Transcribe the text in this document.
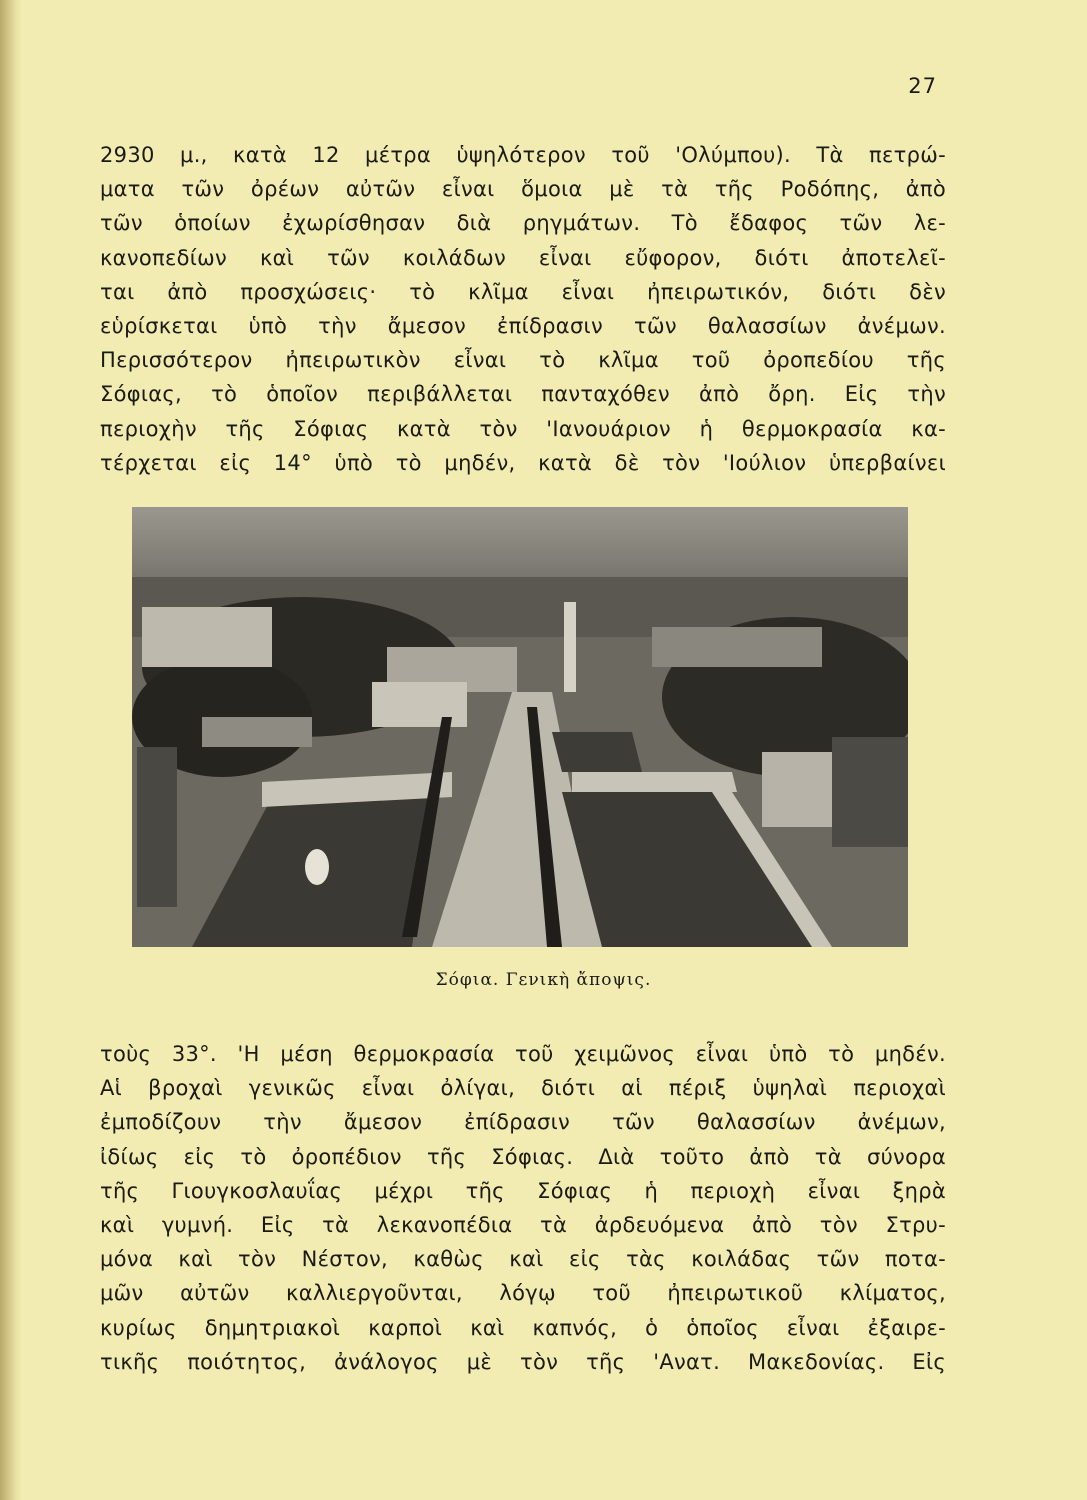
27
2930 μ., κατὰ 12 μέτρα ὑψηλότερον τοῦ 'Ολύμπου). Τὰ πετρώ-
ματα τῶν ὀρέων αὐτῶν εἶναι ὅμοια μὲ τὰ τῆς Ροδόπης, ἀπὸ
τῶν ὁποίων ἐχωρίσθησαν διὰ ρηγμάτων. Τὸ ἔδαφος τῶν λε-
κανοπεδίων καὶ τῶν κοιλάδων εἶναι εὔφορον, διότι ἀποτελεῖ-
ται ἀπὸ προσχώσεις· τὸ κλῖμα εἶναι ἠπειρωτικόν, διότι δὲν
εὑρίσκεται ὑπὸ τὴν ἄμεσον ἐπίδρασιν τῶν θαλασσίων ἀνέμων.
Περισσότερον ἠπειρωτικὸν εἶναι τὸ κλῖμα τοῦ ὀροπεδίου τῆς
Σόφιας, τὸ ὁποῖον περιβάλλεται πανταχόθεν ἀπὸ ὄρη. Εἰς τὴν
περιοχὴν τῆς Σόφιας κατὰ τὸν 'Ιανουάριον ἡ θερμοκρασία κα-
τέρχεται εἰς 14° ὑπὸ τὸ μηδέν, κατὰ δὲ τὸν 'Ιούλιον ὑπερβαίνει
Σόφια. Γενικὴ ἄποψις.
τοὺς 33°. 'Η μέση θερμοκρασία τοῦ χειμῶνος εἶναι ὑπὸ τὸ μηδέν.
Αἱ βροχαὶ γενικῶς εἶναι ὀλίγαι, διότι αἱ πέριξ ὑψηλαὶ περιοχαὶ
ἐμποδίζουν τὴν ἄμεσον ἐπίδρασιν τῶν θαλασσίων ἀνέμων,
ἰδίως εἰς τὸ ὀροπέδιον τῆς Σόφιας. Διὰ τοῦτο ἀπὸ τὰ σύνορα
τῆς Γιουγκοσλαυΐας μέχρι τῆς Σόφιας ἡ περιοχὴ εἶναι ξηρὰ
καὶ γυμνή. Εἰς τὰ λεκανοπέδια τὰ ἀρδευόμενα ἀπὸ τὸν Στρυ-
μόνα καὶ τὸν Νέστον, καθὼς καὶ εἰς τὰς κοιλάδας τῶν ποτα-
μῶν αὐτῶν καλλιεργοῦνται, λόγῳ τοῦ ἠπειρωτικοῦ κλίματος,
κυρίως δημητριακοὶ καρποὶ καὶ καπνός, ὁ ὁποῖος εἶναι ἐξαιρε-
τικῆς ποιότητος, ἀνάλογος μὲ τὸν τῆς 'Ανατ. Μακεδονίας. Εἰς
